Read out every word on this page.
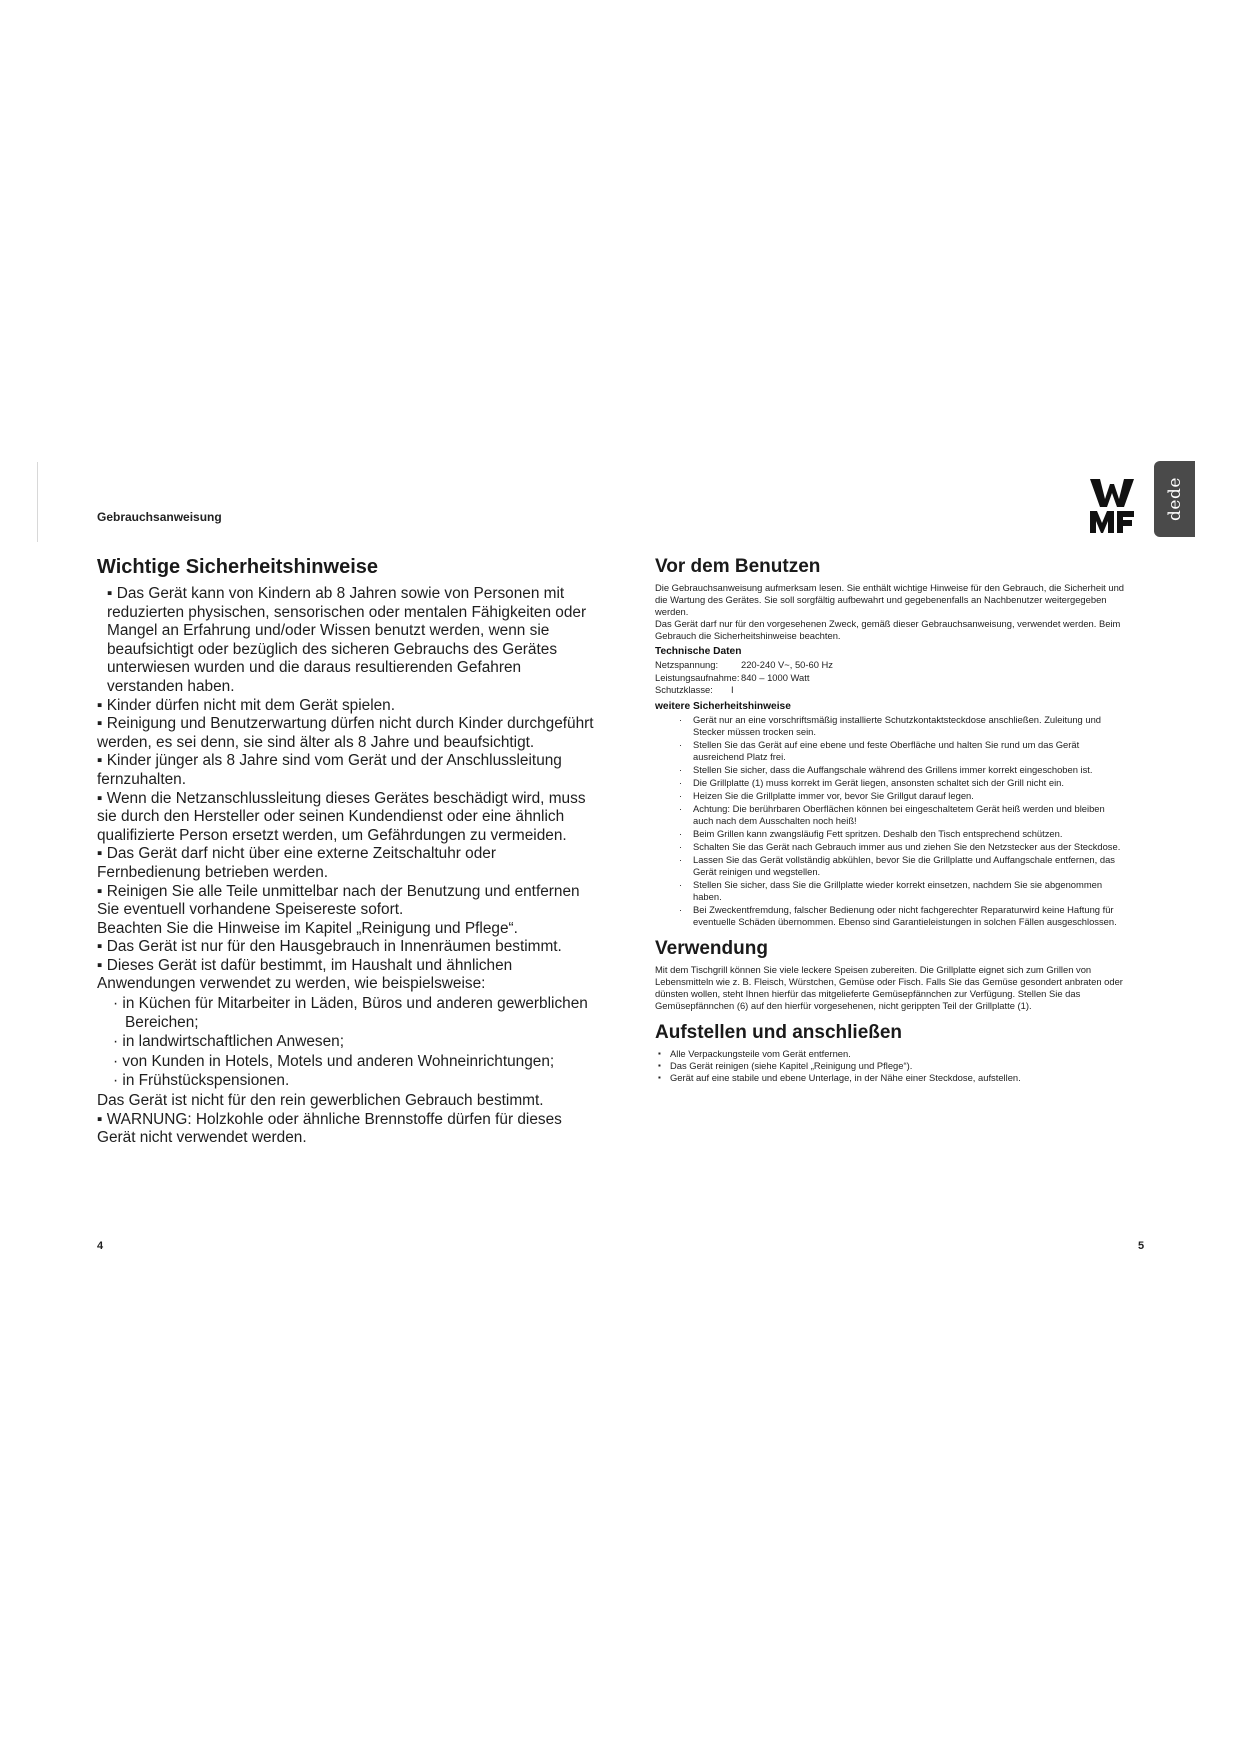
Gebrauchsanweisung	dede
Wichtige Sicherheitshinweise
▪ Das Gerät kann von Kindern ab 8 Jahren sowie von Personen mit reduzierten physischen, sensorischen oder mentalen Fähigkeiten oder Mangel an Erfahrung und/oder Wissen benutzt werden, wenn sie beaufsichtigt oder bezüglich des sicheren Gebrauchs des Gerätes unterwiesen wurden und die daraus resultierenden Gefahren verstanden haben.
▪ Kinder dürfen nicht mit dem Gerät spielen.
▪ Reinigung und Benutzerwartung dürfen nicht durch Kinder durchgeführt werden, es sei denn, sie sind älter als 8 Jahre und beaufsichtigt.
▪ Kinder jünger als 8 Jahre sind vom Gerät und der Anschlussleitung fernzuhalten.
▪ Wenn die Netzanschlussleitung dieses Gerätes beschädigt wird, muss sie durch den Hersteller oder seinen Kundendienst oder eine ähnlich qualifizierte Person ersetzt werden, um Gefährdungen zu vermeiden.
▪ Das Gerät darf nicht über eine externe Zeitschaltuhr oder Fernbedienung betrieben werden.
▪ Reinigen Sie alle Teile unmittelbar nach der Benutzung und entfernen Sie eventuell vorhandene Speisereste sofort.
Beachten Sie die Hinweise im Kapitel „Reinigung und Pflege“.
▪ Das Gerät ist nur für den Hausgebrauch in Innenräumen bestimmt.
▪ Dieses Gerät ist dafür bestimmt, im Haushalt und ähnlichen
Anwendungen verwendet zu werden, wie beispielsweise:
· in Küchen für Mitarbeiter in Läden, Büros und anderen gewerblichen Bereichen;
· in landwirtschaftlichen Anwesen;
· von Kunden in Hotels, Motels und anderen Wohneinrichtungen;
· in Frühstückspensionen.
Das Gerät ist nicht für den rein gewerblichen Gebrauch bestimmt.
▪ WARNUNG: Holzkohle oder ähnliche Brennstoffe dürfen für dieses Gerät nicht verwendet werden.
Vor dem Benutzen

Die Gebrauchsanweisung aufmerksam lesen. Sie enthält wichtige Hinweise für den Gebrauch, die Sicherheit und die Wartung des Gerätes. Sie soll sorgfältig aufbewahrt und gegebenenfalls an Nachbenutzer weitergegeben werden.

Das Gerät darf nur für den vorgesehenen Zweck, gemäß dieser Gebrauchsanweisung, verwendet werden. Beim Gebrauch die Sicherheitshinweise beachten.

Technische Daten
Netzspannung:	220-240 V~, 50-60 Hz
Leistungsaufnahme: 840 – 1000 Watt
Schutzklasse:	I
weitere Sicherheitshinweise
· Gerät nur an eine vorschriftsmäßig installierte Schutzkontaktsteckdose anschließen. Zuleitung und Stecker müssen trocken sein.
· Stellen Sie das Gerät auf eine ebene und feste Oberfläche und halten Sie rund um das Gerät ausreichend Platz frei.
· Stellen Sie sicher, dass die Auffangschale während des Grillens immer korrekt eingeschoben ist.
· Die Grillplatte (1) muss korrekt im Gerät liegen, ansonsten schaltet sich der Grill nicht ein.
· Heizen Sie die Grillplatte immer vor, bevor Sie Grillgut darauf legen.
· Achtung: Die berührbaren Oberflächen können bei eingeschaltetem Gerät heiß werden und bleiben auch nach dem Ausschalten noch heiß!
· Beim Grillen kann zwangsläufig Fett spritzen. Deshalb den Tisch entsprechend schützen.
· Schalten Sie das Gerät nach Gebrauch immer aus und ziehen Sie den Netzstecker aus der Steckdose.
· Lassen Sie das Gerät vollständig abkühlen, bevor Sie die Grillplatte und Auffangschale entfernen, das Gerät reinigen und wegstellen.
· Stellen Sie sicher, dass Sie die Grillplatte wieder korrekt einsetzen, nachdem Sie sie abgenommen haben.
· Bei Zweckentfremdung, falscher Bedienung oder nicht fachgerechter Reparaturwird keine Haftung für eventuelle Schäden übernommen. Ebenso sind Garantieleistungen in solchen Fällen ausgeschlossen.
Verwendung

Mit dem Tischgrill können Sie viele leckere Speisen zubereiten. Die Grillplatte eignet sich zum Grillen von Lebensmitteln wie z. B. Fleisch, Würstchen, Gemüse oder Fisch. Falls Sie das Gemüse gesondert anbraten oder dünsten wollen, steht Ihnen hierfür das mitgelieferte Gemüsepfännchen zur Verfügung. Stellen Sie das Gemüsepfännchen (6) auf den hierfür vorgesehenen, nicht gerippten Teil der Grillplatte (1).

Aufstellen und anschließen
▪ Alle Verpackungsteile vom Gerät entfernen.
▪ Das Gerät reinigen (siehe Kapitel „Reinigung und Pflege“).
▪ Gerät auf eine stabile und ebene Unterlage, in der Nähe einer Steckdose, aufstellen.
4	5
